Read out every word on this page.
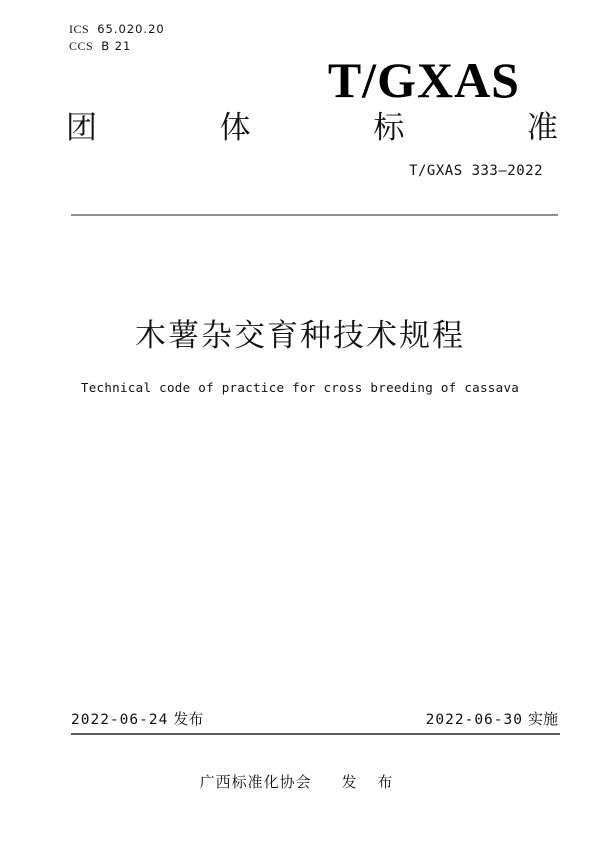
ICS 65.020.20
CCS B 21
T/GXAS
团	体	标	准
T/GXAS 333—2022
木薯杂交育种技术规程
Technical code of practice for cross breeding of cassava
2022-06-24 发布	2022-06-30 实施
广西标准化协会 发 布
